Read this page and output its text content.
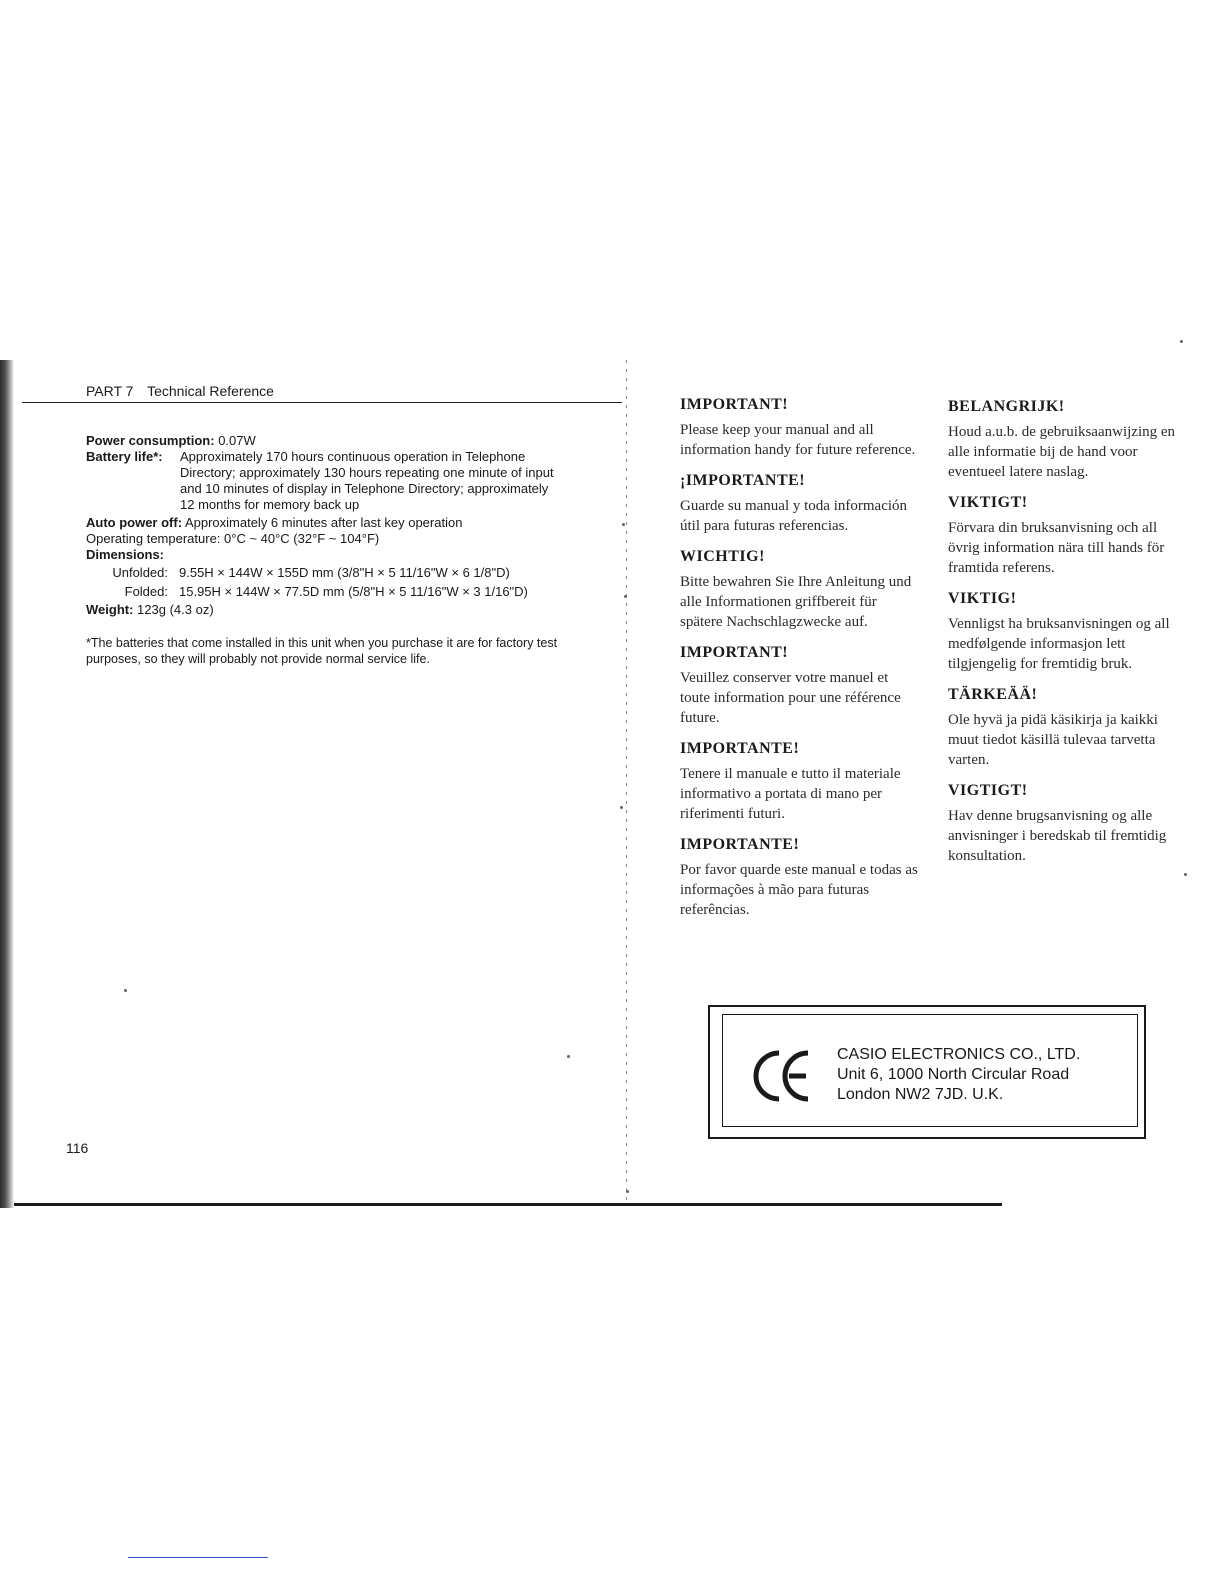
PART 7 Technical Reference
Power consumption: 0.07W
Battery life*: Approximately 170 hours continuous operation in Telephone
Directory; approximately 130 hours repeating one minute of input
and 10 minutes of display in Telephone Directory; approximately
12 months for memory back up
Auto power off: Approximately 6 minutes after last key operation
Operating temperature: 0°C ~ 40°C (32°F ~ 104°F)
Dimensions:
Unfolded: 9.55H × 144W × 155D mm (3/8"H × 5 11/16"W × 6 1/8"D)
Folded: 15.95H × 144W × 77.5D mm (5/8"H × 5 11/16"W × 3 1/16"D)
Weight: 123g (4.3 oz)
*The batteries that come installed in this unit when you purchase it are for factory test purposes, so they will probably not provide normal service life.
116
IMPORTANT!
Please keep your manual and all information handy for future reference.
¡IMPORTANTE!
Guarde su manual y toda información útil para futuras referencias.
WICHTIG!
Bitte bewahren Sie Ihre Anleitung und alle Informationen griffbereit für spätere Nachschlagzwecke auf.
IMPORTANT!
Veuillez conserver votre manuel et toute information pour une référence future.
IMPORTANTE!
Tenere il manuale e tutto il materiale informativo a portata di mano per riferimenti futuri.
IMPORTANTE!
Por favor quarde este manual e todas as informações à mão para futuras referências.
BELANGRIJK!
Houd a.u.b. de gebruiksaanwijzing en alle informatie bij de hand voor eventueel latere naslag.
VIKTIGT!
Förvara din bruksanvisning och all övrig information nära till hands för framtida referens.
VIKTIG!
Vennligst ha bruksanvisningen og all medfølgende informasjon lett tilgjengelig for fremtidig bruk.
TÄRKEÄÄ!
Ole hyvä ja pidä käsikirja ja kaikki muut tiedot käsillä tulevaa tarvetta varten.
VIGTIGT!
Hav denne brugsanvisning og alle anvisninger i beredskab til fremtidig konsultation.
CASIO ELECTRONICS CO., LTD.
Unit 6, 1000 North Circular Road
London NW2 7JD. U.K.
